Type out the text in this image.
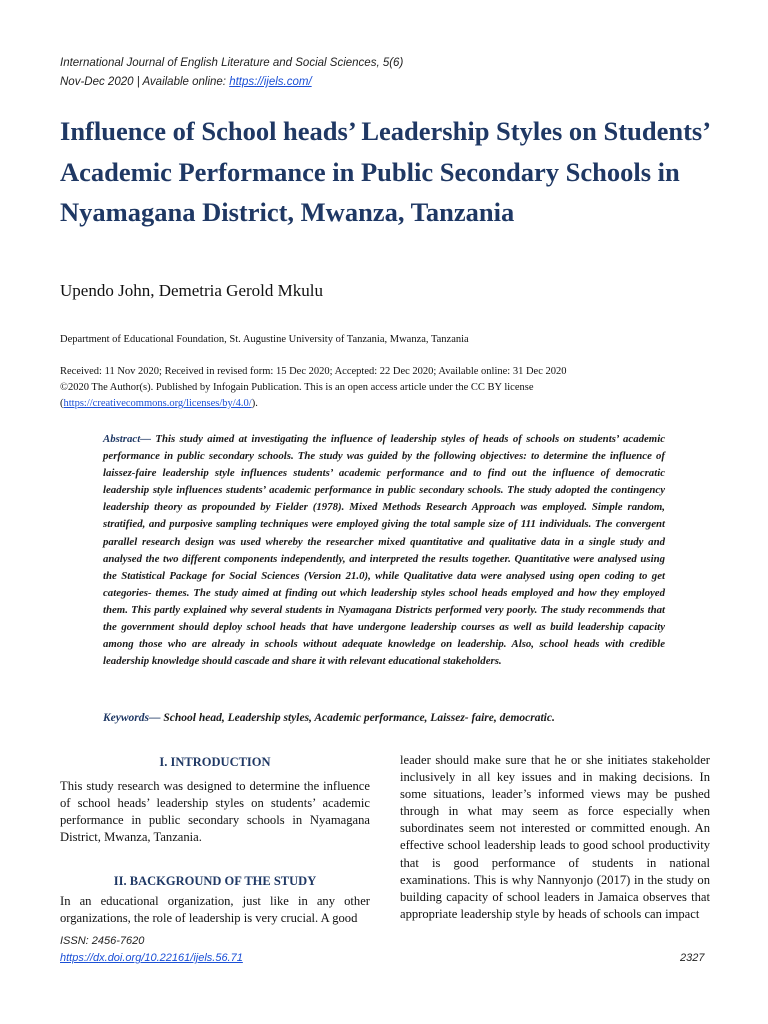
International Journal of English Literature and Social Sciences, 5(6)
Nov-Dec 2020 | Available online: https://ijels.com/
Influence of School heads’ Leadership Styles on Students’ Academic Performance in Public Secondary Schools in Nyamagana District, Mwanza, Tanzania
Upendo John, Demetria Gerold Mkulu
Department of Educational Foundation, St. Augustine University of Tanzania, Mwanza, Tanzania
Received: 11 Nov 2020; Received in revised form: 15 Dec 2020; Accepted: 22 Dec 2020; Available online: 31 Dec 2020
©2020 The Author(s). Published by Infogain Publication. This is an open access article under the CC BY license
(https://creativecommons.org/licenses/by/4.0/).
Abstract— This study aimed at investigating the influence of leadership styles of heads of schools on students’ academic performance in public secondary schools. The study was guided by the following objectives: to determine the influence of laissez-faire leadership style influences students’ academic performance and to find out the influence of democratic leadership style influences students’ academic performance in public secondary schools. The study adopted the contingency leadership theory as propounded by Fielder (1978). Mixed Methods Research Approach was employed. Simple random, stratified, and purposive sampling techniques were employed giving the total sample size of 111 individuals. The convergent parallel research design was used whereby the researcher mixed quantitative and qualitative data in a single study and analysed the two different components independently, and interpreted the results together. Quantitative were analysed using the Statistical Package for Social Sciences (Version 21.0), while Qualitative data were analysed using open coding to get categories- themes. The study aimed at finding out which leadership styles school heads employed and how they employed them. This partly explained why several students in Nyamagana Districts performed very poorly. The study recommends that the government should deploy school heads that have undergone leadership courses as well as build leadership capacity among those who are already in schools without adequate knowledge on leadership. Also, school heads with credible leadership knowledge should cascade and share it with relevant educational stakeholders.
Keywords— School head, Leadership styles, Academic performance, Laissez- faire, democratic.
I. INTRODUCTION
This study research was designed to determine the influence of school heads’ leadership styles on students’ academic performance in public secondary schools in Nyamagana District, Mwanza, Tanzania.
II. BACKGROUND OF THE STUDY
In an educational organization, just like in any other organizations, the role of leadership is very crucial. A good
leader should make sure that he or she initiates stakeholder inclusively in all key issues and in making decisions. In some situations, leader’s informed views may be pushed through in what may seem as force especially when subordinates seem not interested or committed enough. An effective school leadership leads to good school productivity that is good performance of students in national examinations. This is why Nannyonjo (2017) in the study on building capacity of school leaders in Jamaica observes that appropriate leadership style by heads of schools can impact
ISSN: 2456-7620
https://dx.doi.org/10.22161/ijels.56.71	2327
